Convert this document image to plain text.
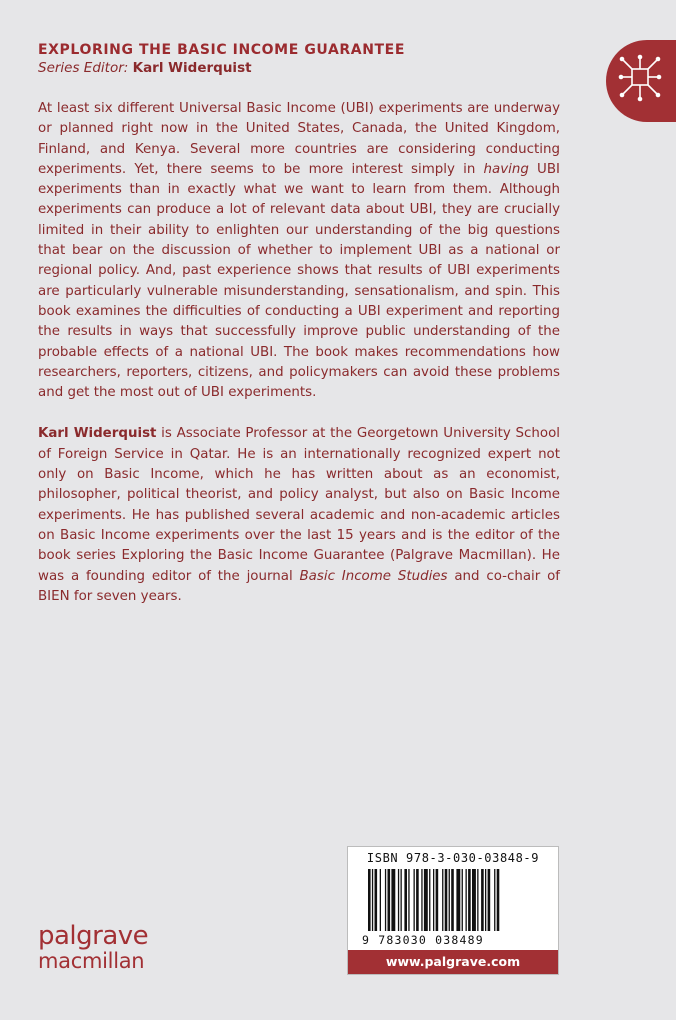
EXPLORING THE BASIC INCOME GUARANTEE
Series Editor: Karl Widerquist

At least six different Universal Basic Income (UBI) experiments are underway or planned right now in the United States, Canada, the United Kingdom, Finland, and Kenya. Several more countries are considering conducting experiments. Yet, there seems to be more interest simply in having UBI experiments than in exactly what we want to learn from them. Although experiments can produce a lot of relevant data about UBI, they are crucially limited in their ability to enlighten our understanding of the big questions that bear on the discussion of whether to implement UBI as a national or regional policy. And, past experience shows that results of UBI experiments are particularly vulnerable misunderstanding, sensationalism, and spin. This book examines the difficulties of conducting a UBI experiment and reporting the results in ways that successfully improve public understanding of the probable effects of a national UBI. The book makes recommendations how researchers, reporters, citizens, and policymakers can avoid these problems and get the most out of UBI experiments.

Karl Widerquist is Associate Professor at the Georgetown University School of Foreign Service in Qatar. He is an internationally recognized expert not only on Basic Income, which he has written about as an economist, philosopher, political theorist, and policy analyst, but also on Basic Income experiments. He has published several academic and non-academic articles on Basic Income experiments over the last 15 years and is the editor of the book series Exploring the Basic Income Guarantee (Palgrave Macmillan). He was a founding editor of the journal Basic Income Studies and co-chair of BIEN for seven years.

ISBN 978-3-030-03848-9
9 783030 038489
www.palgrave.com
palgrave
macmillan
